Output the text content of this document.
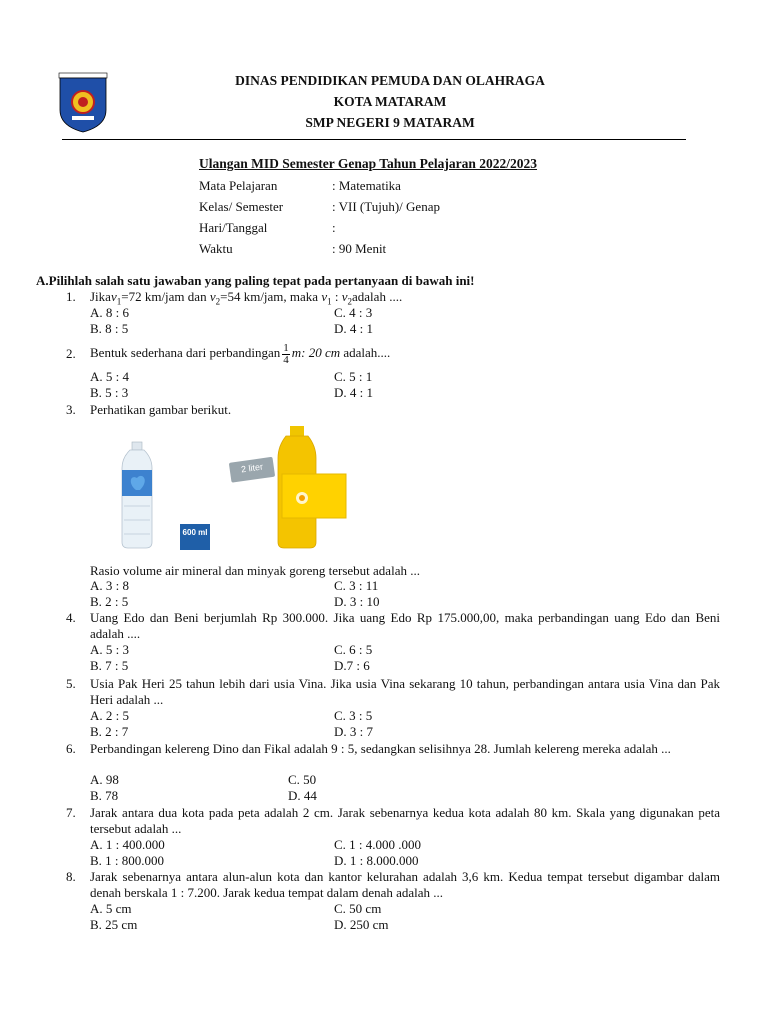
DINAS PENDIDIKAN PEMUDA DAN OLAHRAGA
KOTA MATARAM
SMP NEGERI 9 MATARAM
Ulangan MID Semester Genap Tahun Pelajaran 2022/2023
Mata Pelajaran	: Matematika
Kelas/ Semester	: VII (Tujuh)/ Genap
Hari/Tanggal	:
Waktu	: 90 Menit
A.Pilihlah salah satu jawaban yang paling tepat pada pertanyaan di bawah ini!
1. Jikav$_1$=72 km/jam dan $v_2=54$ km/jam, maka $v_1$ : $v_2adalah$ ....
A. 8 : 6
B. 8 : 5
C. 4 : 3
D. 4 : 1
2. Bentuk sederhana dari perbandingan $\frac{1}{4} m$: 20 cm adalah....
A. 5 : 4
B. 5 : 3
C. 5 : 1
D. 4 : 1
3. Perhatikan gambar berikut.
600 ml
2 liter
Rasio volume air mineral dan minyak goreng tersebut adalah ...
A. 3 : 8
B. 2 : 5
C. 3 : 11
D. 3 : 10
4. Uang Edo dan Beni berjumlah Rp 300.000. Jika uang Edo Rp 175.000,00, maka perbandingan uang Edo dan Beni adalah ....
A. 5 : 3
B. 7 : 5
C. 6 : 5
D.7 : 6
5. Usia Pak Heri 25 tahun lebih dari usia Vina. Jika usia Vina sekarang 10 tahun, perbandingan antara usia Vina dan Pak Heri adalah ...
A. 2 : 5
B. 2 : 7
C. 3 : 5
D. 3 : 7
6. Perbandingan kelereng Dino dan Fikal adalah 9 : 5, sedangkan selisihnya 28. Jumlah kelereng mereka adalah ...
A. 98
B. 78
C. 50
D. 44
7. Jarak antara dua kota pada peta adalah 2 cm. Jarak sebenarnya kedua kota adalah 80 km. Skala yang digunakan peta tersebut adalah ...
A. 1 : 400.000
B. 1 : 800.000
C. 1 : 4.000 .000
D. 1 : 8.000.000
8. Jarak sebenarnya antara alun-alun kota dan kantor kelurahan adalah 3,6 km. Kedua tempat tersebut digambar dalam denah berskala 1 : 7.200. Jarak kedua tempat dalam denah adalah ...
A. 5 cm
B. 25 cm
C. 50 cm
D. 250 cm
